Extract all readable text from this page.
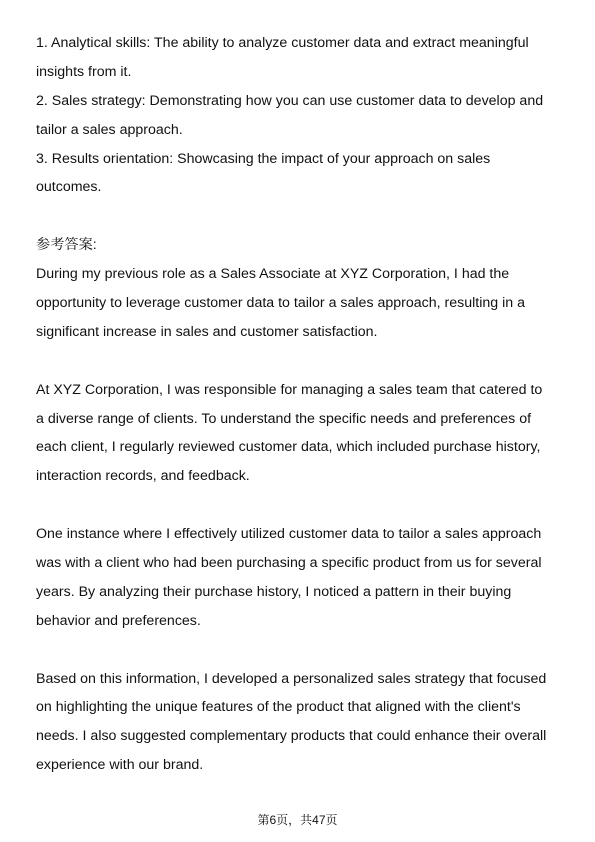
1. Analytical skills: The ability to analyze customer data and extract meaningful
insights from it.
2. Sales strategy: Demonstrating how you can use customer data to develop and
tailor a sales approach.
3. Results orientation: Showcasing the impact of your approach on sales
outcomes.
参考答案:
During my previous role as a Sales Associate at XYZ Corporation, I had the
opportunity to leverage customer data to tailor a sales approach, resulting in a
significant increase in sales and customer satisfaction.
At XYZ Corporation, I was responsible for managing a sales team that catered to
a diverse range of clients. To understand the specific needs and preferences of
each client, I regularly reviewed customer data, which included purchase history,
interaction records, and feedback.
One instance where I effectively utilized customer data to tailor a sales approach
was with a client who had been purchasing a specific product from us for several
years. By analyzing their purchase history, I noticed a pattern in their buying
behavior and preferences.
Based on this information, I developed a personalized sales strategy that focused
on highlighting the unique features of the product that aligned with the client's
needs. I also suggested complementary products that could enhance their overall
experience with our brand.
第6页，共47页
